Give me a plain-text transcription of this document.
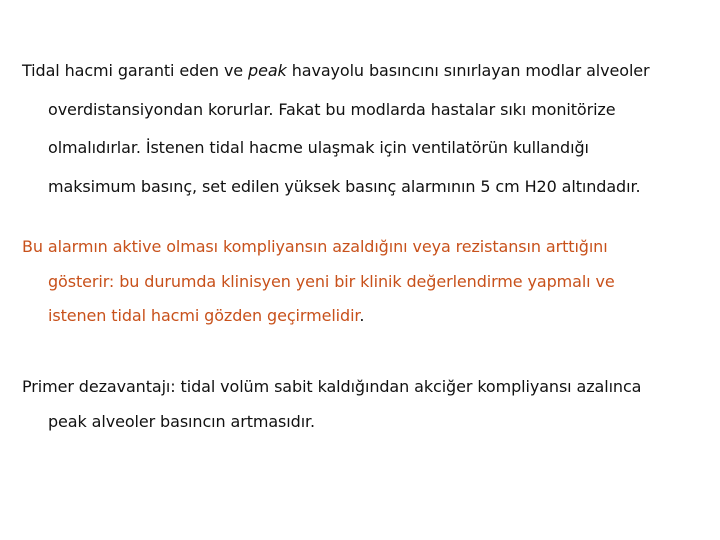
Tidal hacmi garanti eden ve peak havayolu basıncını sınırlayan modlar alveoler
overdistansiyondan korurlar. Fakat bu modlarda hastalar sıkı monitörize
olmalıdırlar. İstenen tidal hacme ulaşmak için ventilatörün kullandığı
maksimum basınç, set edilen yüksek basınç alarmının 5 cm H20 altındadır.
Bu alarmın aktive olması kompliyansın azaldığını veya rezistansın arttığını
gösterir: bu durumda klinisyen yeni bir klinik değerlendirme yapmalı ve
istenen tidal hacmi gözden geçirmelidir.
Primer dezavantajı: tidal volüm sabit kaldığından akciğer kompliyansı azalınca
peak alveoler basıncın artmasıdır.
